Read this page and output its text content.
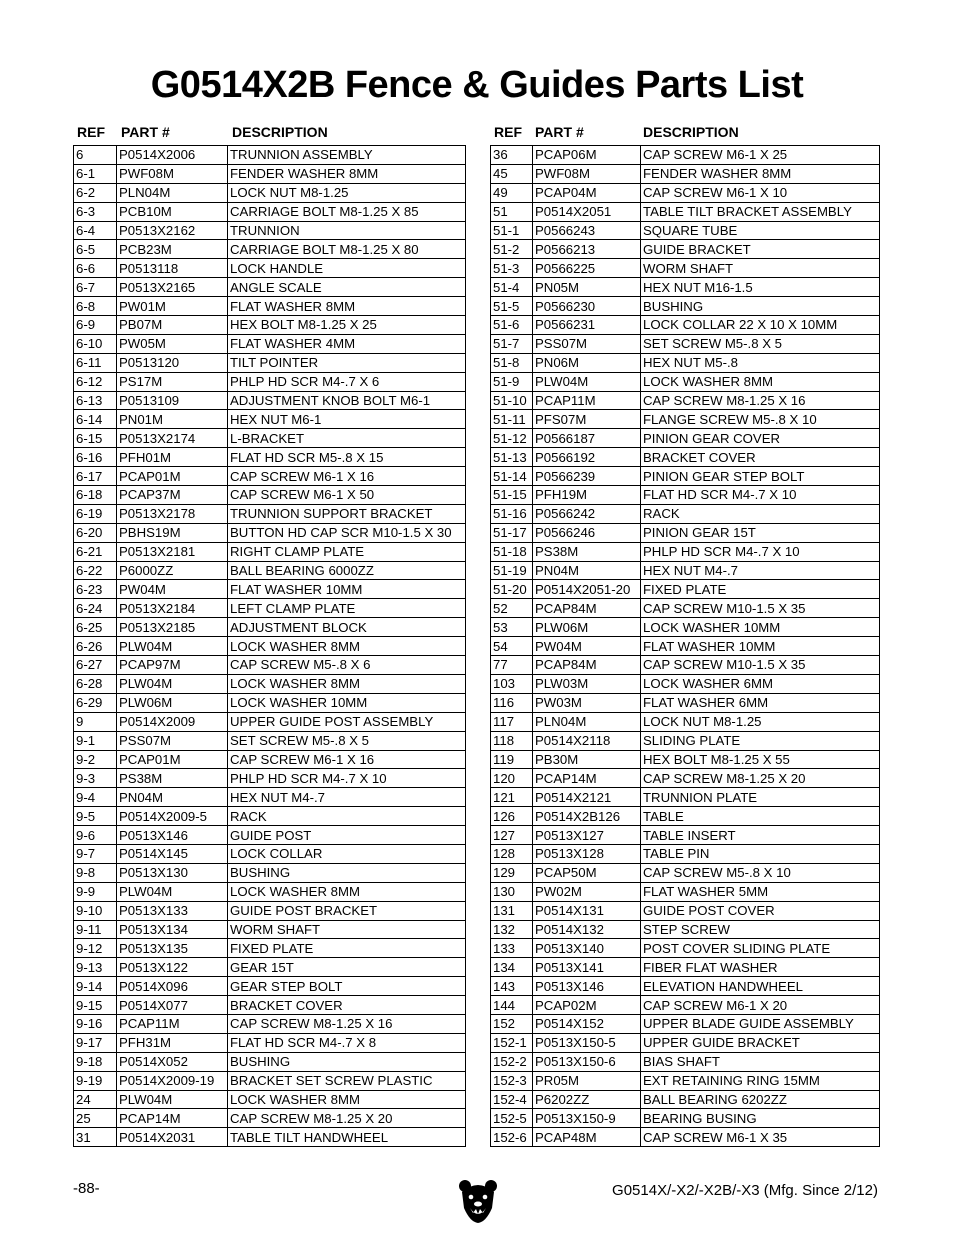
G0514X2B Fence & Guides Parts List
REF	PART #	DESCRIPTION
6	P0514X2006	TRUNNION ASSEMBLY
6-1	PWF08M	FENDER WASHER 8MM
6-2	PLN04M	LOCK NUT M8-1.25
6-3	PCB10M	CARRIAGE BOLT M8-1.25 X 85
6-4	P0513X2162	TRUNNION
6-5	PCB23M	CARRIAGE BOLT M8-1.25 X 80
6-6	P0513118	LOCK HANDLE
6-7	P0513X2165	ANGLE SCALE
6-8	PW01M	FLAT WASHER 8MM
6-9	PB07M	HEX BOLT M8-1.25 X 25
6-10	PW05M	FLAT WASHER 4MM
6-11	P0513120	TILT POINTER
6-12	PS17M	PHLP HD SCR M4-.7 X 6
6-13	P0513109	ADJUSTMENT KNOB BOLT M6-1
6-14	PN01M	HEX NUT M6-1
6-15	P0513X2174	L-BRACKET
6-16	PFH01M	FLAT HD SCR M5-.8 X 15
6-17	PCAP01M	CAP SCREW M6-1 X 16
6-18	PCAP37M	CAP SCREW M6-1 X 50
6-19	P0513X2178	TRUNNION SUPPORT BRACKET
6-20	PBHS19M	BUTTON HD CAP SCR M10-1.5 X 30
6-21	P0513X2181	RIGHT CLAMP PLATE
6-22	P6000ZZ	BALL BEARING 6000ZZ
6-23	PW04M	FLAT WASHER 10MM
6-24	P0513X2184	LEFT CLAMP PLATE
6-25	P0513X2185	ADJUSTMENT BLOCK
6-26	PLW04M	LOCK WASHER 8MM
6-27	PCAP97M	CAP SCREW M5-.8 X 6
6-28	PLW04M	LOCK WASHER 8MM
6-29	PLW06M	LOCK WASHER 10MM
9	P0514X2009	UPPER GUIDE POST ASSEMBLY
9-1	PSS07M	SET SCREW M5-.8 X 5
9-2	PCAP01M	CAP SCREW M6-1 X 16
9-3	PS38M	PHLP HD SCR M4-.7 X 10
9-4	PN04M	HEX NUT M4-.7
9-5	P0514X2009-5	RACK
9-6	P0513X146	GUIDE POST
9-7	P0514X145	LOCK COLLAR
9-8	P0513X130	BUSHING
9-9	PLW04M	LOCK WASHER 8MM
9-10	P0513X133	GUIDE POST BRACKET
9-11	P0513X134	WORM SHAFT
9-12	P0513X135	FIXED PLATE
9-13	P0513X122	GEAR 15T
9-14	P0514X096	GEAR STEP BOLT
9-15	P0514X077	BRACKET COVER
9-16	PCAP11M	CAP SCREW M8-1.25 X 16
9-17	PFH31M	FLAT HD SCR M4-.7 X 8
9-18	P0514X052	BUSHING
9-19	P0514X2009-19	BRACKET SET SCREW PLASTIC
24	PLW04M	LOCK WASHER 8MM
25	PCAP14M	CAP SCREW M8-1.25 X 20
31	P0514X2031	TABLE TILT HANDWHEEL
REF PART #	DESCRIPTION
36	PCAP06M	CAP SCREW M6-1 X 25
45	PWF08M	FENDER WASHER 8MM
49	PCAP04M	CAP SCREW M6-1 X 10
51	P0514X2051	TABLE TILT BRACKET ASSEMBLY
51-1	P0566243	SQUARE TUBE
51-2	P0566213	GUIDE BRACKET
51-3	P0566225	WORM SHAFT
51-4	PN05M	HEX NUT M16-1.5
51-5	P0566230	BUSHING
51-6	P0566231	LOCK COLLAR 22 X 10 X 10MM
51-7	PSS07M	SET SCREW M5-.8 X 5
51-8	PN06M	HEX NUT M5-.8
51-9	PLW04M	LOCK WASHER 8MM
51-10	PCAP11M	CAP SCREW M8-1.25 X 16
51-11	PFS07M	FLANGE SCREW M5-.8 X 10
51-12	P0566187	PINION GEAR COVER
51-13	P0566192	BRACKET COVER
51-14	P0566239	PINION GEAR STEP BOLT
51-15	PFH19M	FLAT HD SCR M4-.7 X 10
51-16	P0566242	RACK
51-17	P0566246	PINION GEAR 15T
51-18	PS38M	PHLP HD SCR M4-.7 X 10
51-19	PN04M	HEX NUT M4-.7
51-20	P0514X2051-20	FIXED PLATE
52	PCAP84M	CAP SCREW M10-1.5 X 35
53	PLW06M	LOCK WASHER 10MM
54	PW04M	FLAT WASHER 10MM
77	PCAP84M	CAP SCREW M10-1.5 X 35
103	PLW03M	LOCK WASHER 6MM
116	PW03M	FLAT WASHER 6MM
117	PLN04M	LOCK NUT M8-1.25
118	P0514X2118	SLIDING PLATE
119	PB30M	HEX BOLT M8-1.25 X 55
120	PCAP14M	CAP SCREW M8-1.25 X 20
121	P0514X2121	TRUNNION PLATE
126	P0514X2B126	TABLE
127	P0513X127	TABLE INSERT
128	P0513X128	TABLE PIN
129	PCAP50M	CAP SCREW M5-.8 X 10
130	PW02M	FLAT WASHER 5MM
131	P0514X131	GUIDE POST COVER
132	P0514X132	STEP SCREW
133	P0513X140	POST COVER SLIDING PLATE
134	P0513X141	FIBER FLAT WASHER
143	P0513X146	ELEVATION HANDWHEEL
144	PCAP02M	CAP SCREW M6-1 X 20
152	P0514X152	UPPER BLADE GUIDE ASSEMBLY
152-1	P0513X150-5	UPPER GUIDE BRACKET
152-2	P0513X150-6	BIAS SHAFT
152-3	PR05M	EXT RETAINING RING 15MM
152-4	P6202ZZ	BALL BEARING 6202ZZ
152-5	P0513X150-9	BEARING BUSING
152-6	PCAP48M	CAP SCREW M6-1 X 35
-88-	G0514X/-X2/-X2B/-X3 (Mfg. Since 2/12)
